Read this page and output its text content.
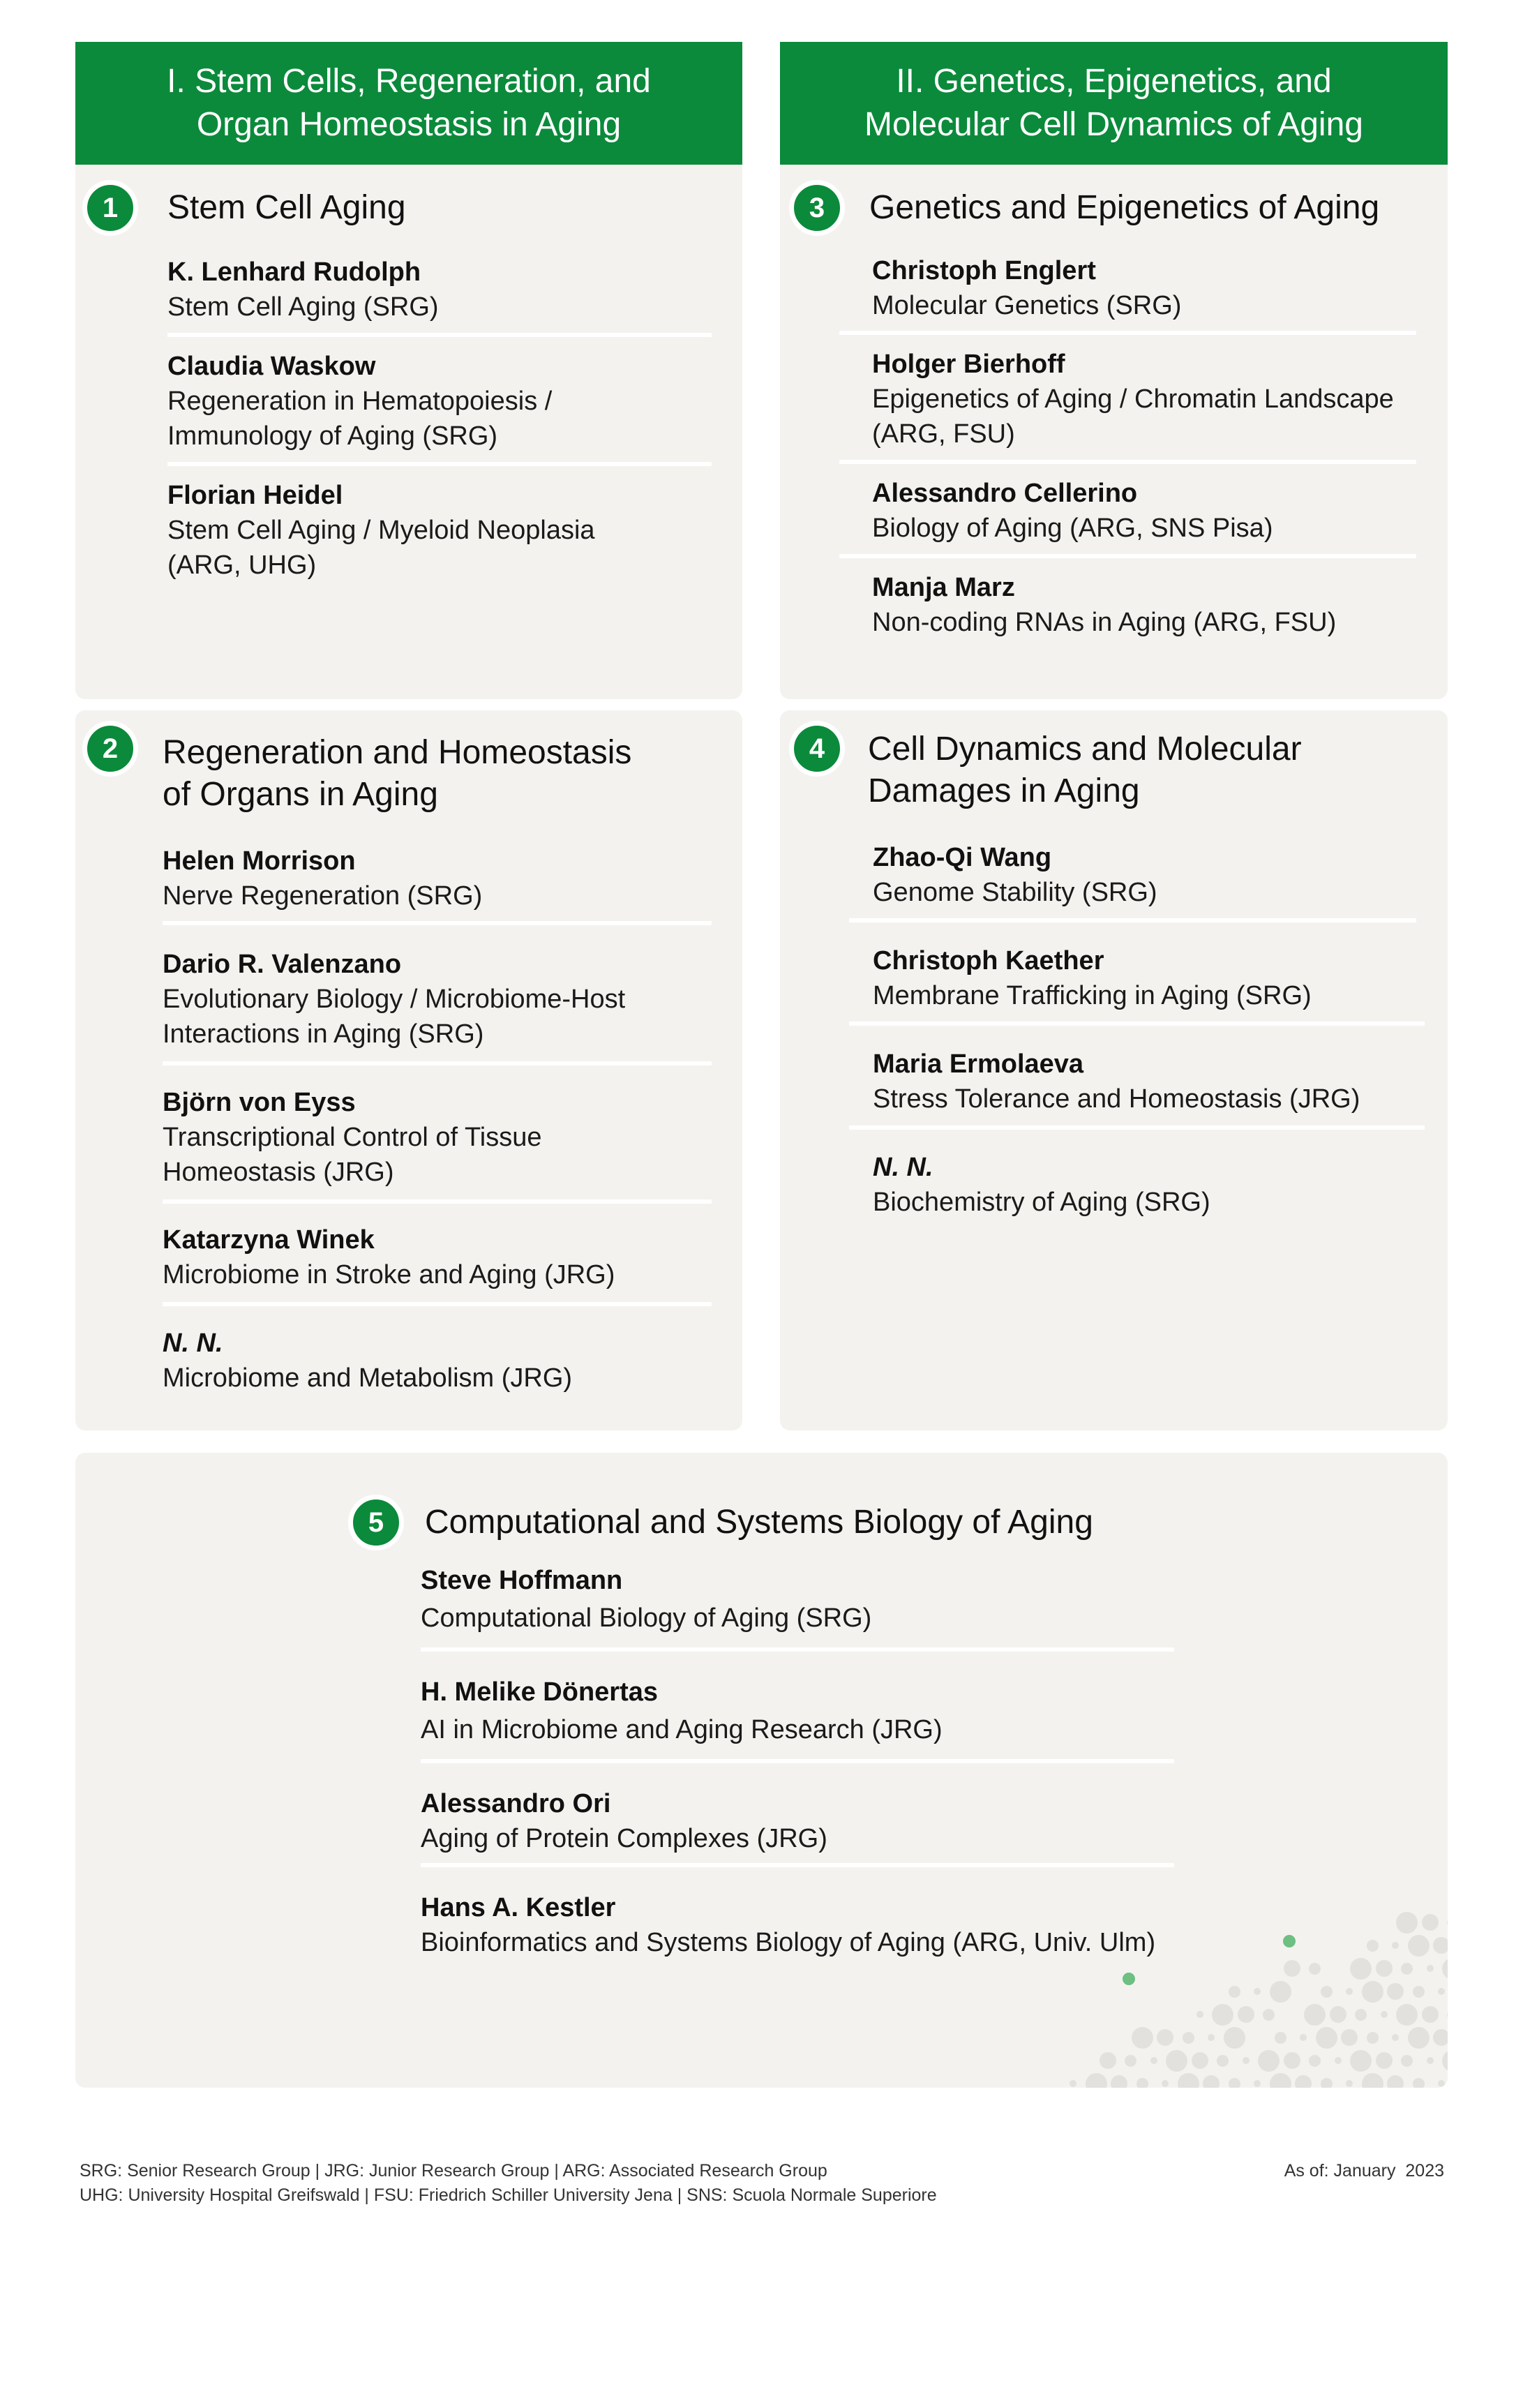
I. Stem Cells, Regeneration, and
Organ Homeostasis in Aging
II. Genetics, Epigenetics, and
Molecular Cell Dynamics of Aging
1	Stem Cell Aging
K. Lenhard Rudolph
Stem Cell Aging (SRG)
Claudia Waskow
Regeneration in Hematopoiesis /
Immunology of Aging (SRG)
Florian Heidel
Stem Cell Aging / Myeloid Neoplasia
(ARG, UHG)
3	Genetics and Epigenetics of Aging
Christoph Englert
Molecular Genetics (SRG)
Holger Bierhoff
Epigenetics of Aging / Chromatin Landscape
(ARG, FSU)
Alessandro Cellerino
Biology of Aging (ARG, SNS Pisa)
Manja Marz
Non-coding RNAs in Aging (ARG, FSU)
2	Regeneration and Homeostasis
of Organs in Aging
Helen Morrison
Nerve Regeneration (SRG)
Dario R. Valenzano
Evolutionary Biology / Microbiome-Host
Interactions in Aging (SRG)
Björn von Eyss
Transcriptional Control of Tissue
Homeostasis (JRG)
Katarzyna Winek
Microbiome in Stroke and Aging (JRG)
N. N.
Microbiome and Metabolism (JRG)
4	Cell Dynamics and Molecular
Damages in Aging
Zhao-Qi Wang
Genome Stability (SRG)
Christoph Kaether
Membrane Trafficking in Aging (SRG)
Maria Ermolaeva
Stress Tolerance and Homeostasis (JRG)
N. N.
Biochemistry of Aging (SRG)
5	Computational and Systems Biology of Aging
Steve Hoffmann
Computational Biology of Aging (SRG)
H. Melike Dönertas
AI in Microbiome and Aging Research (JRG)
Alessandro Ori
Aging of Protein Complexes (JRG)
Hans A. Kestler
Bioinformatics and Systems Biology of Aging (ARG, Univ. Ulm)
SRG: Senior Research Group | JRG: Junior Research Group | ARG: Associated Research Group
UHG: University Hospital Greifswald | FSU: Friedrich Schiller University Jena | SNS: Scuola Normale Superiore
As of: January  2023
